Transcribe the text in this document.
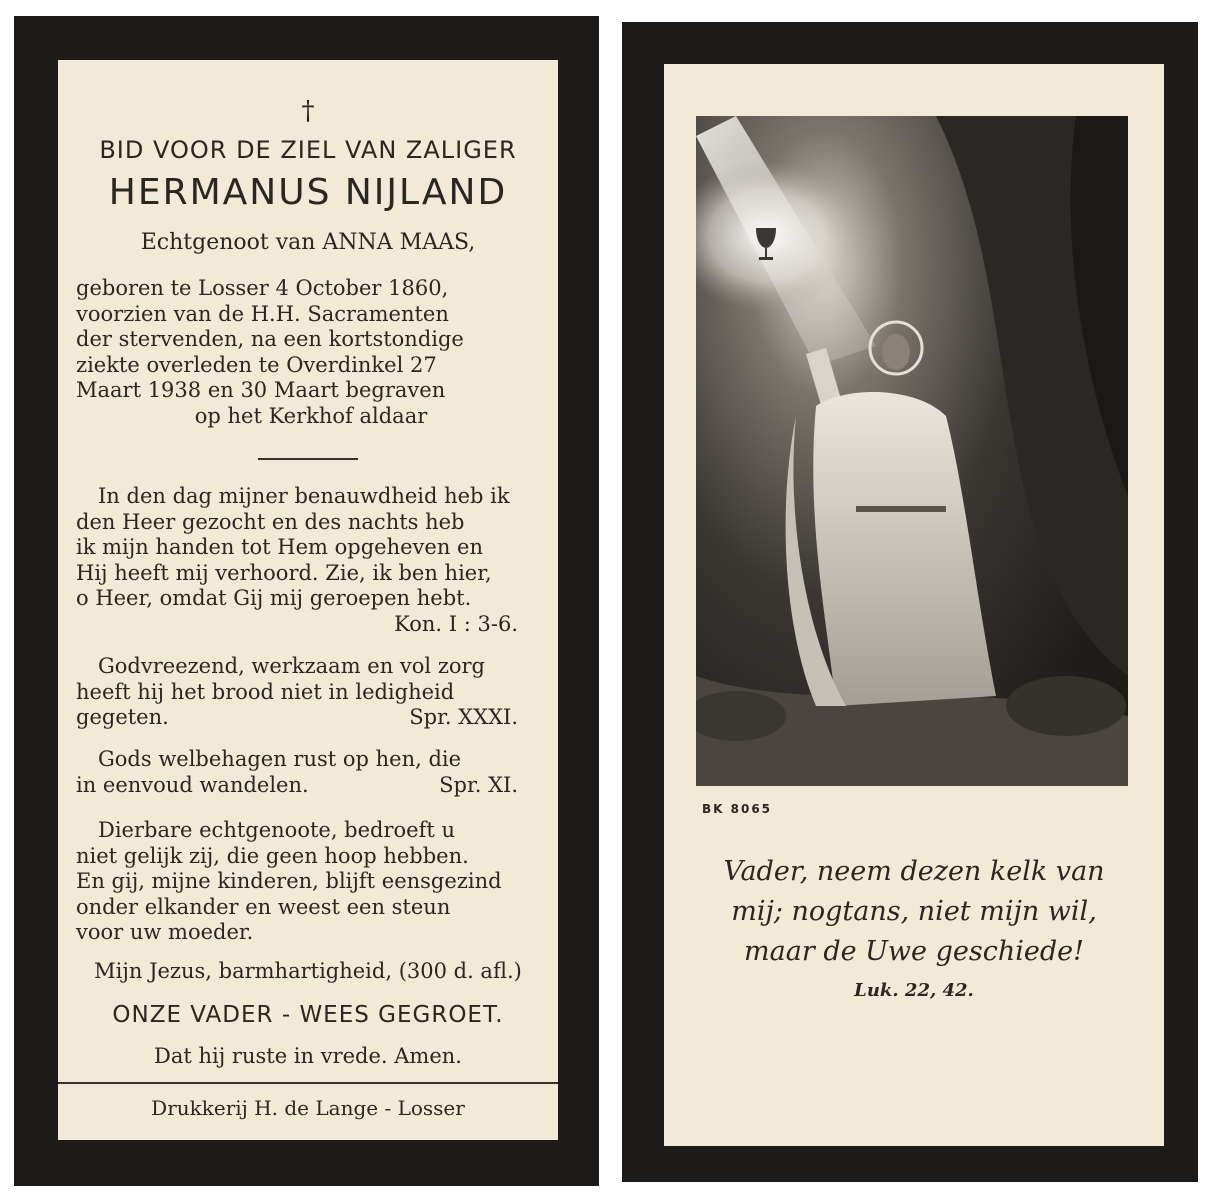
†
BID VOOR DE ZIEL VAN ZALIGER
HERMANUS NIJLAND
Echtgenoot van ANNA MAAS,
geboren te Losser 4 October 1860,
voorzien van de H.H. Sacramenten
der stervenden, na een kortstondige
ziekte overleden te Overdinkel 27
Maart 1938 en 30 Maart begraven
op het Kerkhof aldaar
In den dag mijner benauwdheid heb ik
den Heer gezocht en des nachts heb
ik mijn handen tot Hem opgeheven en
Hij heeft mij verhoord. Zie, ik ben hier,
o Heer, omdat Gij mij geroepen hebt.
Kon. I : 3-6.
Godvreezend, werkzaam en vol zorg
heeft hij het brood niet in ledigheid
gegeten.	Spr. XXXI.
Gods welbehagen rust op hen, die
in eenvoud wandelen.	Spr. XI.
Dierbare echtgenoote, bedroeft u
niet gelijk zij, die geen hoop hebben.
En gij, mijne kinderen, blijft eensgezind
onder elkander en weest een steun
voor uw moeder.
Mijn Jezus, barmhartigheid, (300 d. afl.)
ONZE VADER - WEES GEGROET.
Dat hij ruste in vrede. Amen.
Drukkerij H. de Lange - Losser
BK 8065
Vader, neem dezen kelk van
mij; nogtans, niet mijn wil,
maar de Uwe geschiede!
Luk. 22, 42.
